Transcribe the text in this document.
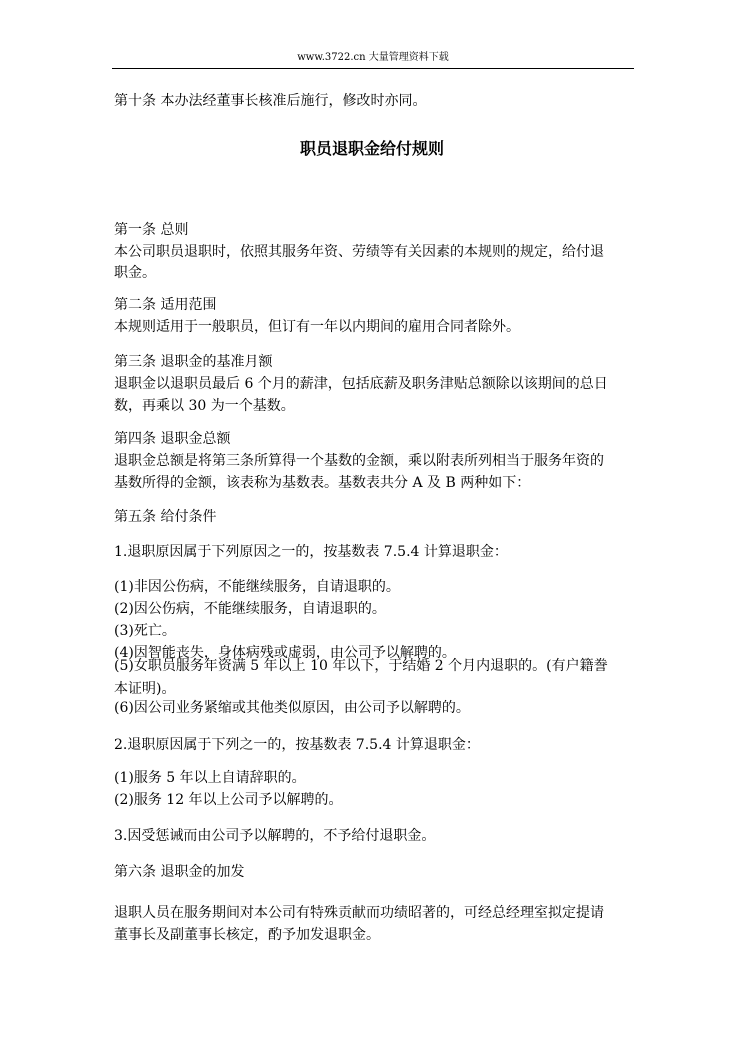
www.3722.cn 大量管理资料下载
第十条 本办法经董事长核准后施行，修改时亦同。
职员退职金给付规则
第一条 总则
本公司职员退职时，依照其服务年资、劳绩等有关因素的本规则的规定，给付退
职金。
第二条 适用范围
本规则适用于一般职员，但订有一年以内期间的雇用合同者除外。
第三条 退职金的基准月额
退职金以退职员最后 6 个月的薪津，包括底薪及职务津贴总额除以该期间的总日
数，再乘以 30 为一个基数。
第四条 退职金总额
退职金总额是将第三条所算得一个基数的金额，乘以附表所列相当于服务年资的
基数所得的金额，该表称为基数表。基数表共分 A 及 B 两种如下：
第五条 给付条件
1.退职原因属于下列原因之一的，按基数表 7.5.4 计算退职金：
(1)非因公伤病，不能继续服务，自请退职的。
(2)因公伤病，不能继续服务，自请退职的。
(3)死亡。
(4)因智能丧失，身体病残或虚弱，由公司予以解聘的。
(5)女职员服务年资满 5 年以上 10 年以下，于结婚 2 个月内退职的。(有户籍誊
本证明)。
(6)因公司业务紧缩或其他类似原因，由公司予以解聘的。
2.退职原因属于下列之一的，按基数表 7.5.4 计算退职金：
(1)服务 5 年以上自请辞职的。
(2)服务 12 年以上公司予以解聘的。
3.因受惩诫而由公司予以解聘的，不予给付退职金。
第六条 退职金的加发
退职人员在服务期间对本公司有特殊贡献而功绩昭著的，可经总经理室拟定提请
董事长及副董事长核定，酌予加发退职金。
